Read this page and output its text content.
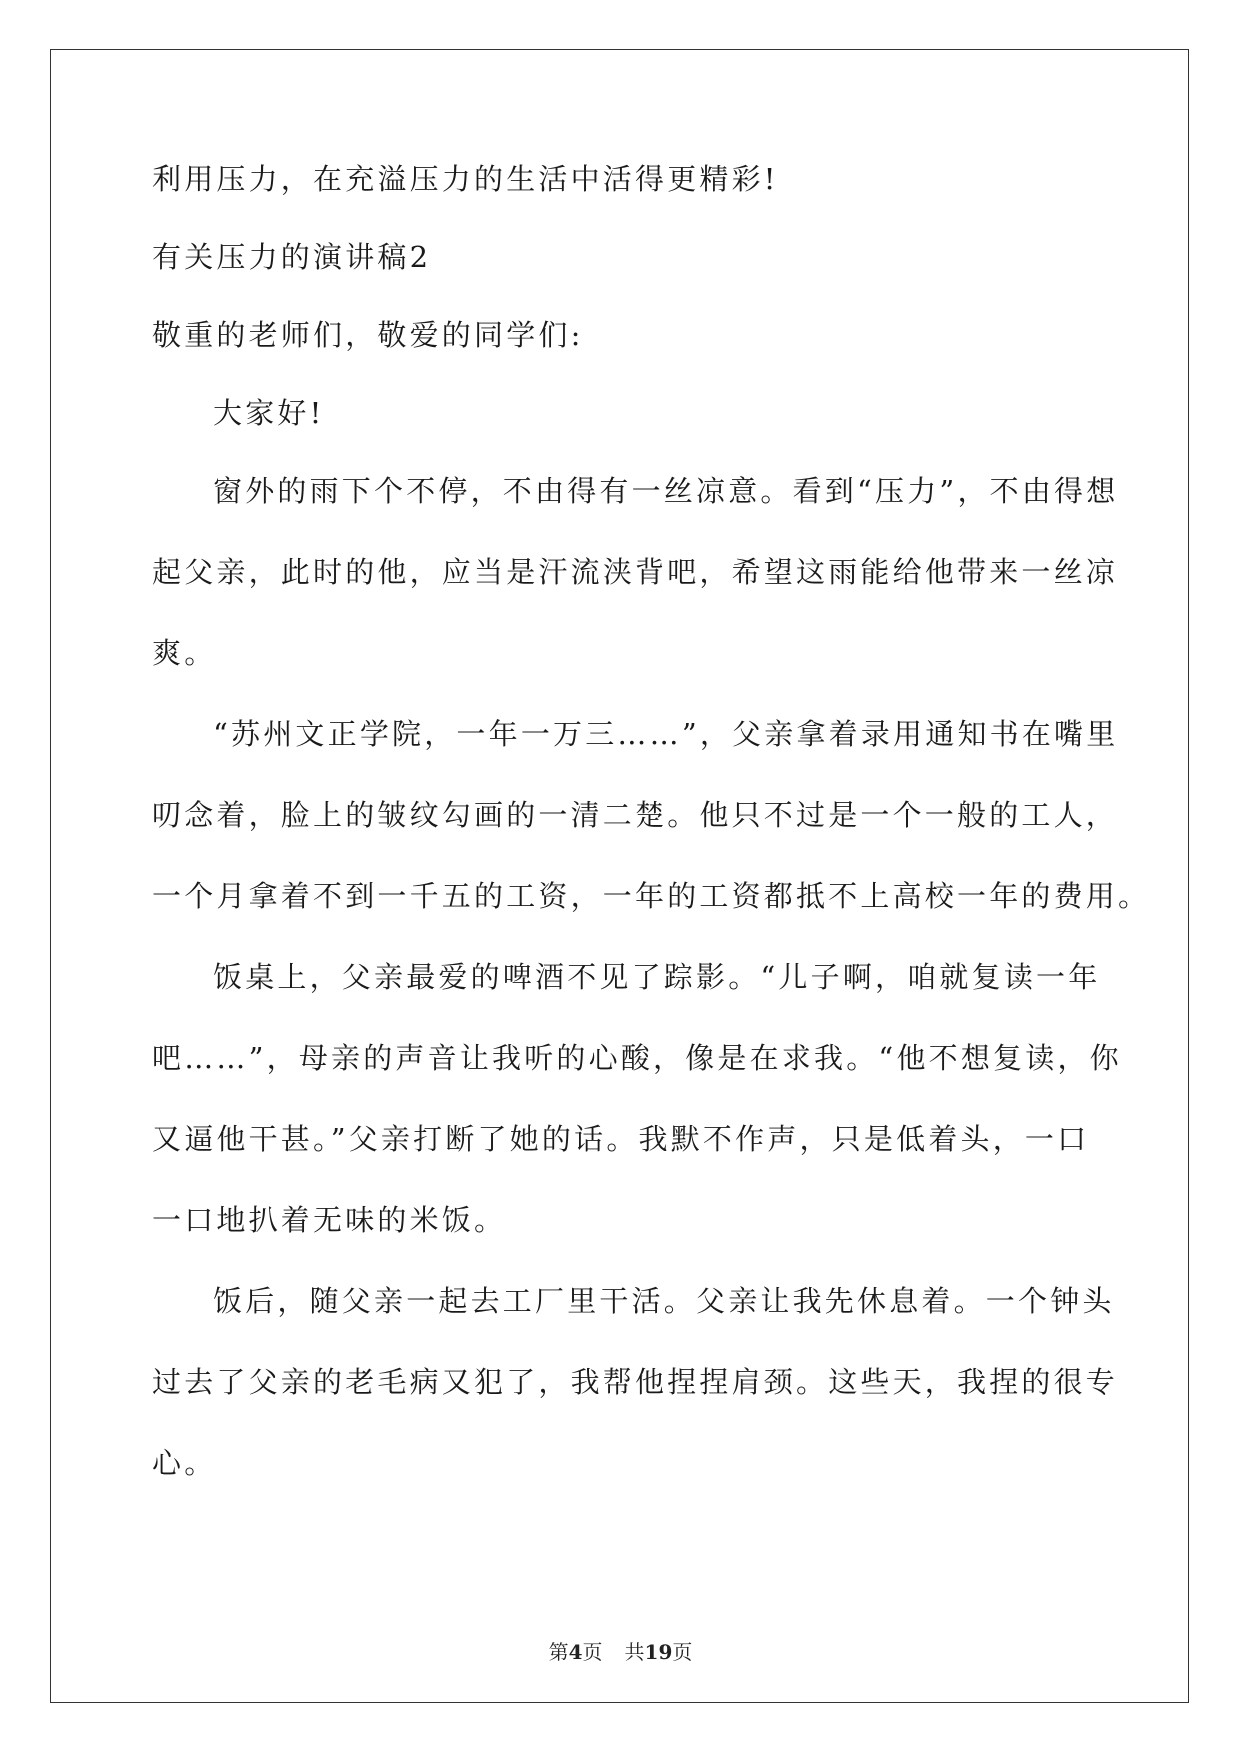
利用压力，在充溢压力的生活中活得更精彩!

有关压力的演讲稿2

敬重的老师们，敬爱的同学们:

大家好!

窗外的雨下个不停，不由得有一丝凉意。看到“压力”，不由得想

起父亲，此时的他，应当是汗流浃背吧，希望这雨能给他带来一丝凉

爽。

“苏州文正学院，一年一万三……”，父亲拿着录用通知书在嘴里

叨念着，脸上的皱纹勾画的一清二楚。他只不过是一个一般的工人，

一个月拿着不到一千五的工资，一年的工资都抵不上高校一年的费用。

饭桌上，父亲最爱的啤酒不见了踪影。“儿子啊，咱就复读一年

吧……”，母亲的声音让我听的心酸，像是在求我。“他不想复读，你

又逼他干甚。”父亲打断了她的话。我默不作声，只是低着头，一口

一口地扒着无味的米饭。

饭后，随父亲一起去工厂里干活。父亲让我先休息着。一个钟头

过去了父亲的老毛病又犯了，我帮他捏捏肩颈。这些天，我捏的很专

心。

第4页 共19页
